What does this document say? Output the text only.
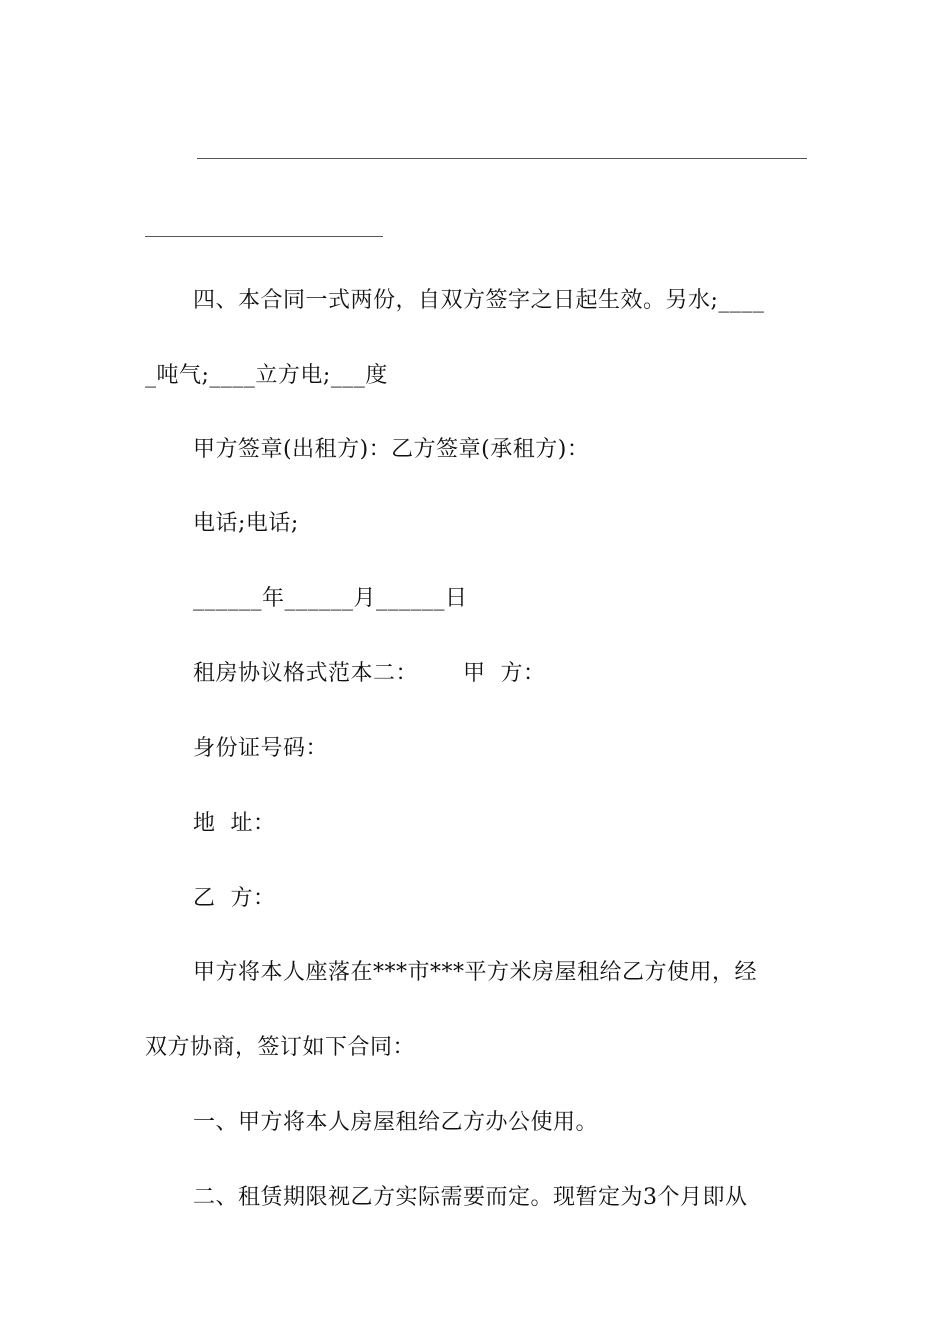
四、本合同一式两份，自双方签字之日起生效。另水;____
_吨气;____立方电;___度
甲方签章(出租方)：乙方签章(承租方)：
电话;电话;
______年______月______日
租房协议格式范本二：      甲  方：
身份证号码：
地  址：
乙  方：
甲方将本人座落在***市***平方米房屋租给乙方使用，经
双方协商，签订如下合同：
一、甲方将本人房屋租给乙方办公使用。
二、租赁期限视乙方实际需要而定。现暂定为3个月即从
